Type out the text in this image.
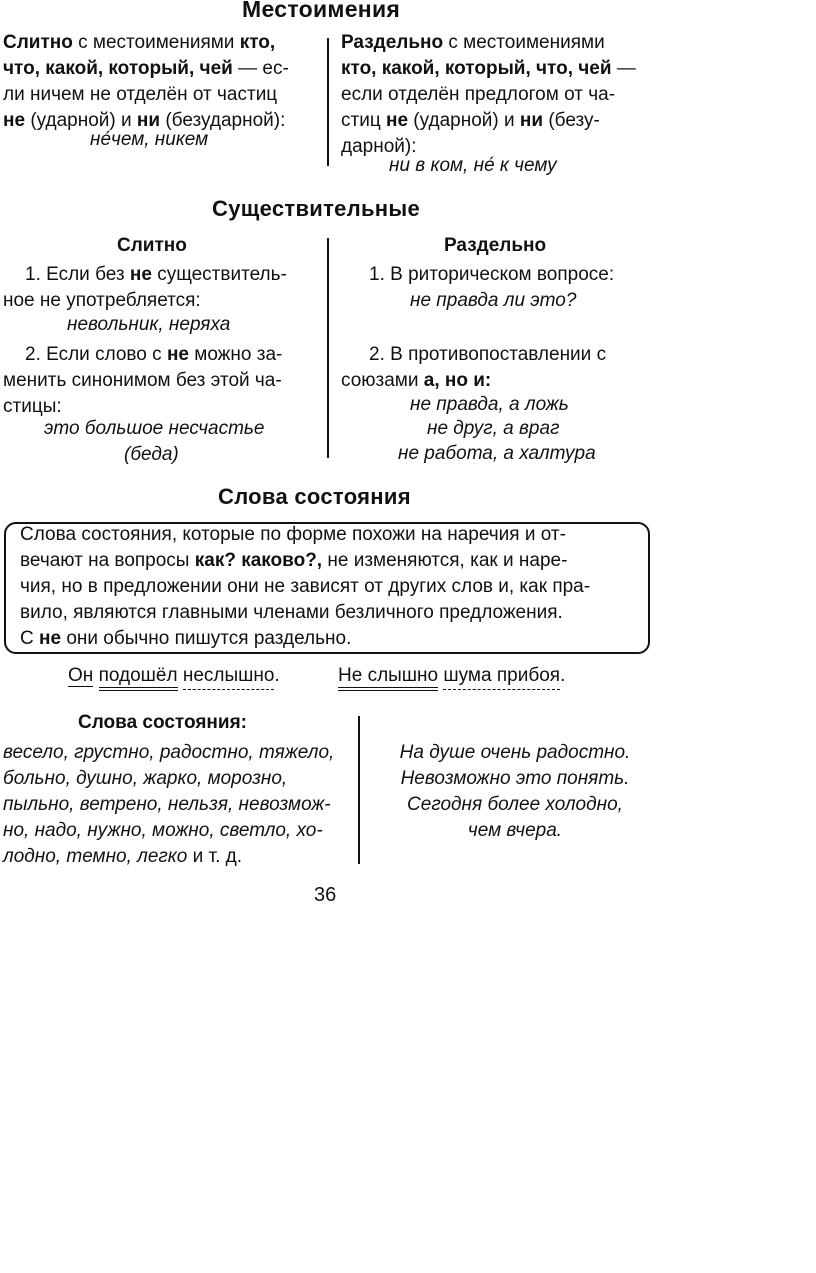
Местоимения
Слитно с местоимениями кто,
что, какой, который, чей — ес-
ли ничем не отделён от частиц
не (ударной) и ни (безударной):
не́чем, никем
Раздельно с местоимениями
кто, какой, который, что, чей —
если отделён предлогом от ча-
стиц не (ударной) и ни (безу-
дарной):
ни в ком, не́ к чему
Существительные
Слитно	Раздельно
1. Если без не существитель-
ное не употребляется:
невольник, неряха
2. Если слово с не можно за-
менить синонимом без этой ча-
стицы:
это большое несчастье
(беда)
1. В риторическом вопросе:
не правда ли это?
2. В противопоставлении с
союзами а, но и:
не правда, а ложь
не друг, а враг
не работа, а халтура
Слова состояния
Слова состояния, которые по форме похожи на наречия и от-
вечают на вопросы как? каково?, не изменяются, как и наре-
чия, но в предложении они не зависят от других слов и, как пра-
вило, являются главными членами безличного предложения.
С не они обычно пишутся раздельно.
Он подошёл неслышно.	Не слышно шума прибоя.
Слова состояния:
весело, грустно, радостно, тяжело,
больно, душно, жарко, морозно,
пыльно, ветрено, нельзя, невозмож-
но, надо, нужно, можно, светло, хо-
лодно, темно, легко и т. д.
На душе очень радостно.
Невозможно это понять.
Сегодня более холодно,
чем вчера.
36
